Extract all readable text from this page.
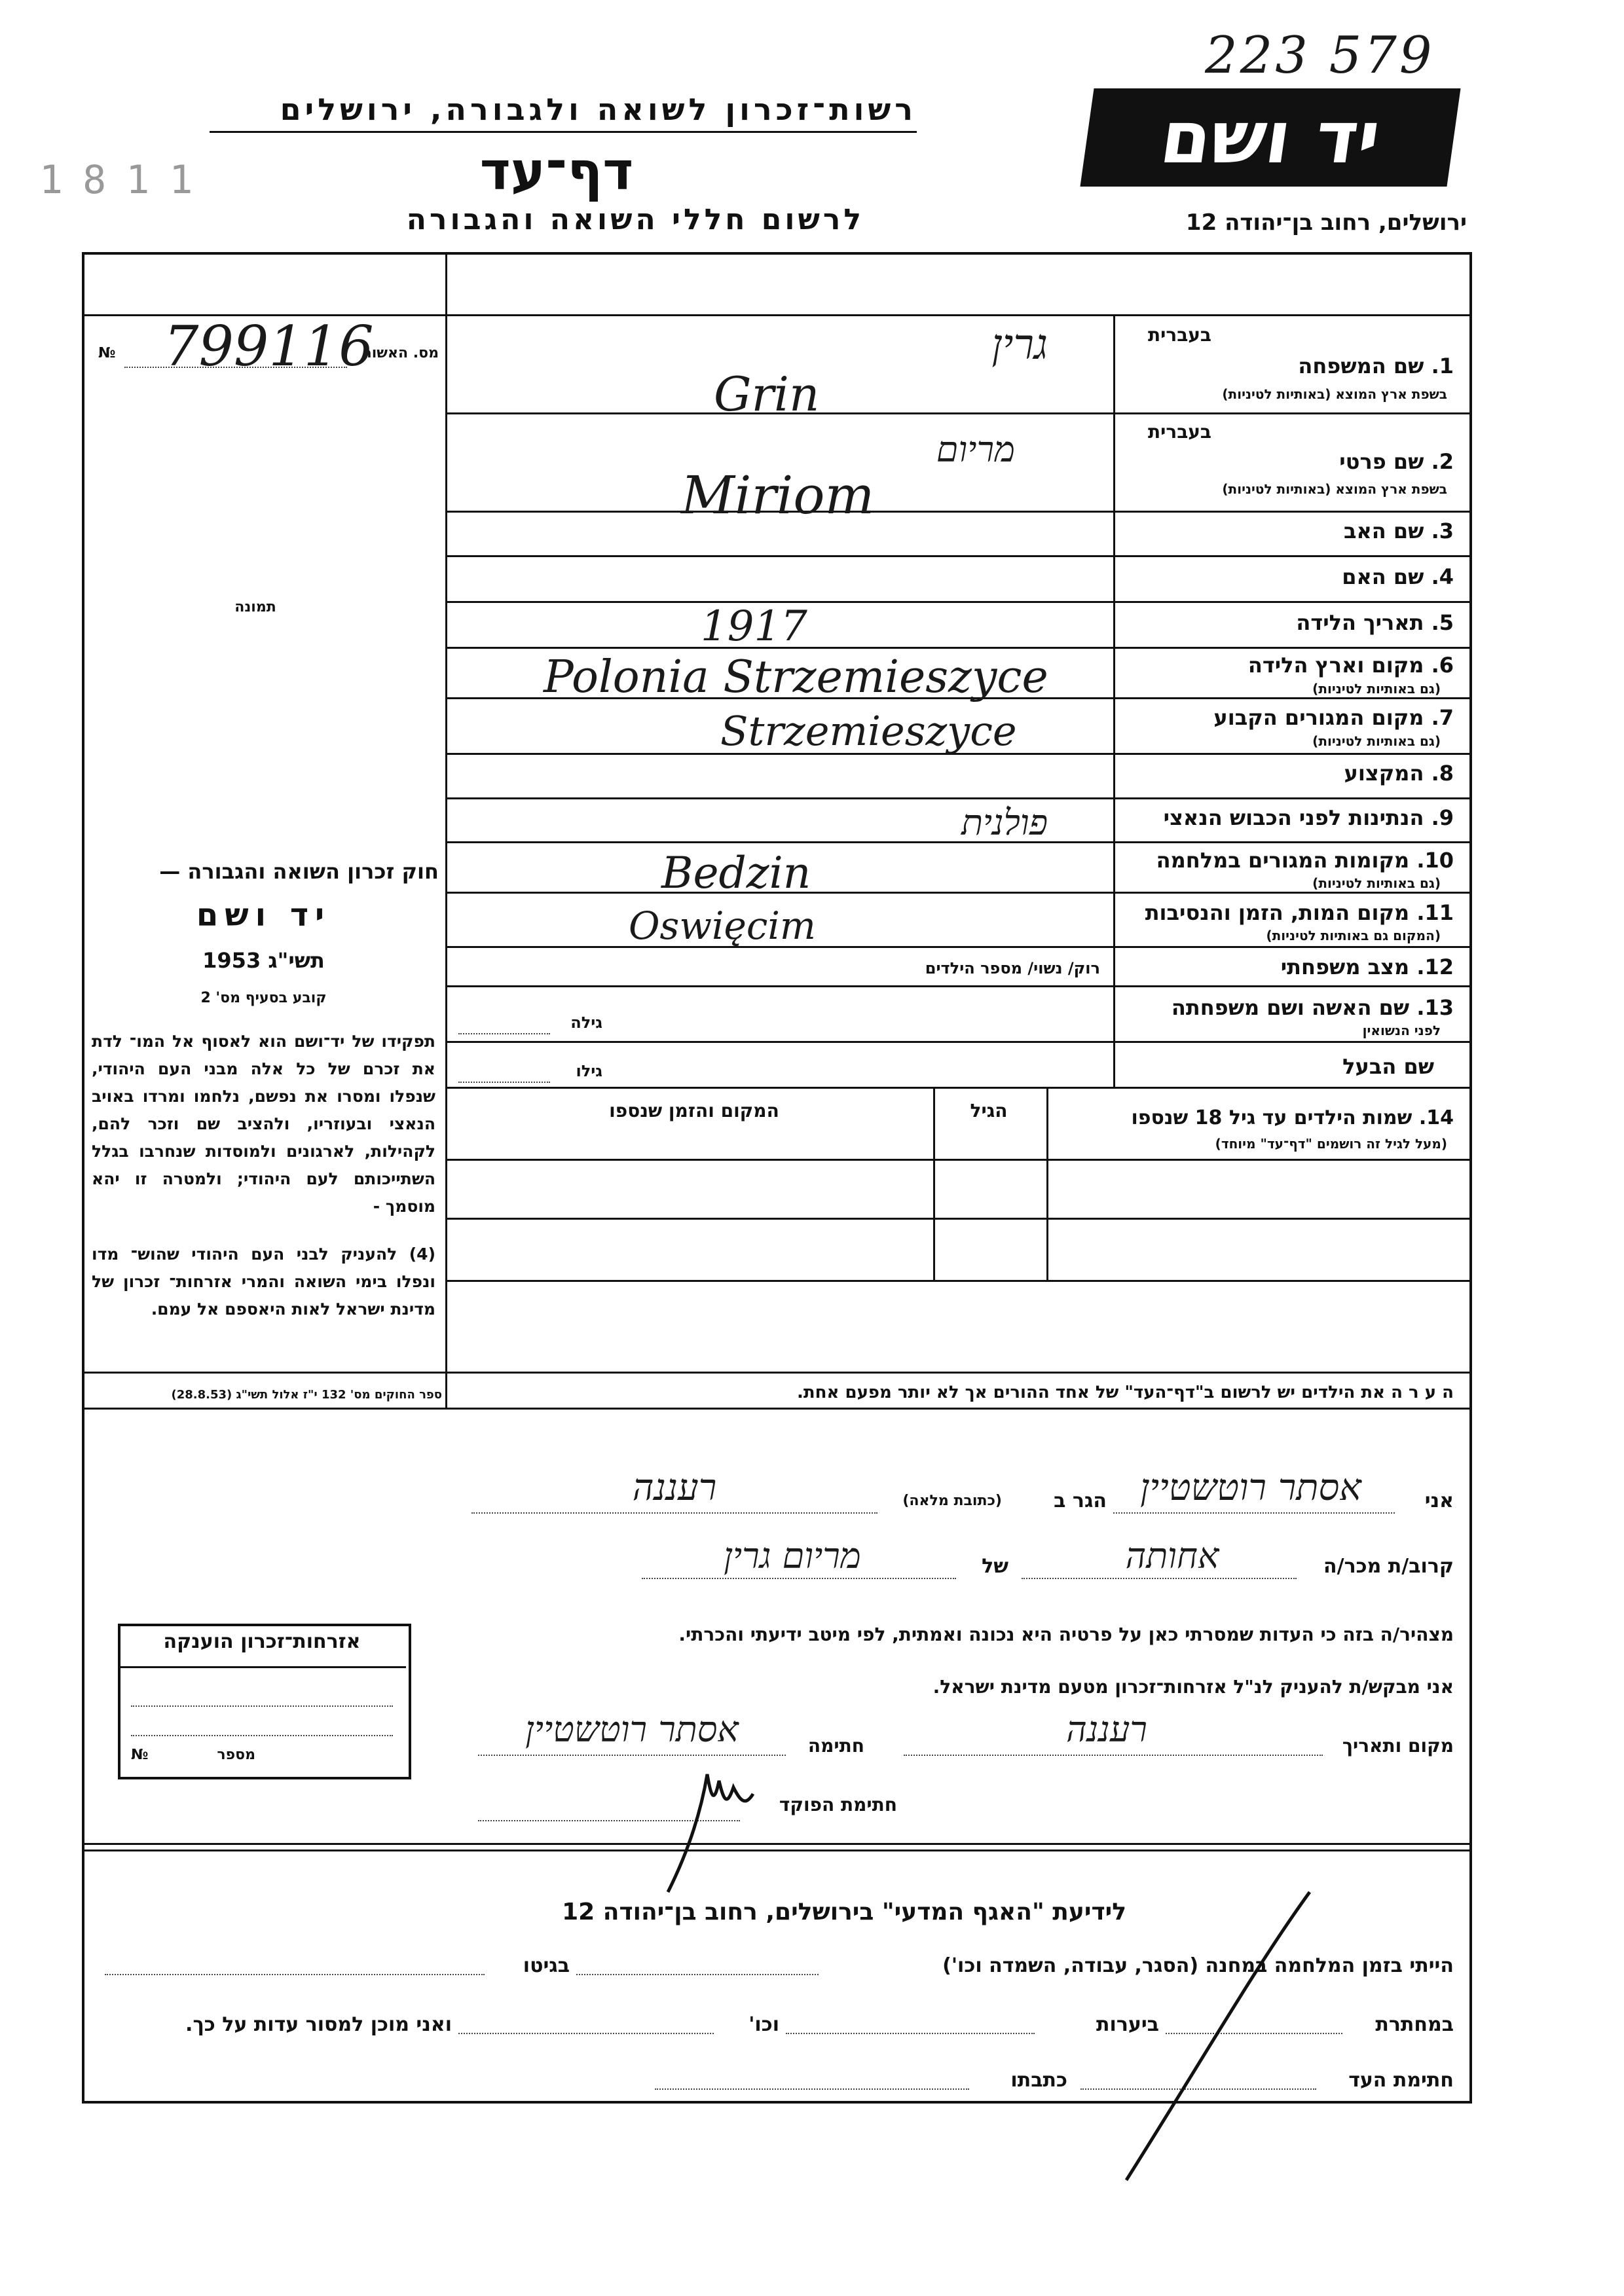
223 579
1811
יד ושם
רשות־זכרון לשואה ולגבורה, ירושלים
דף־עד
לרשום חללי השואה והגבורה	ירושלים, רחוב בן־יהודה 12
מס. האשור
799116
№
תמונה
בעברית
1. שם המשפחה
בשפת ארץ המוצא (באותיות לטיניות)
גרין
Grin
בעברית
2. שם פרטי
בשפת ארץ המוצא (באותיות לטיניות)
מריום
Miriom
3. שם האב
4. שם האם
5. תאריך הלידה
1917
6. מקום וארץ הלידה
(גם באותיות לטיניות)
Polonia Strzemieszyce
7. מקום המגורים הקבוע
(גם באותיות לטיניות)
Strzemieszyce
8. המקצוע
9. הנתינות לפני הכבוש הנאצי
פולנית
10. מקומות המגורים במלחמה
(גם באותיות לטיניות)
Bedzin
11. מקום המות, הזמן והנסיבות
(המקום גם באותיות לטיניות)
Oswięcim
12. מצב משפחתי
רוק/ נשוי/ מספר הילדים
13. שם האשה ושם משפחתה
לפני הנשואין
גילה
שם הבעל
גילו
14. שמות הילדים עד גיל 18 שנספו
(מעל לגיל זה רושמים "דף־עד" מיוחד)
הגיל
המקום והזמן שנספו
ה ע ר ה את הילדים יש לרשום ב"דף־העד" של אחד ההורים אך לא יותר מפעם אחת.
חוק זכרון השואה והגבורה —
יד ושם
תשי"ג 1953
קובע בסעיף מס' 2
תפקידו של יד־ושם הוא לאסוף אל המו־ לדת את זכרם של כל אלה מבני העם היהודי, שנפלו ומסרו את נפשם, נלחמו ומרדו באויב הנאצי ובעוזריו, ולהציב שם וזכר להם, לקהילות, לארגונים ולמוסדות שנחרבו בגלל השתייכותם לעם היהודי; ולמטרה זו יהא מוסמך -
(4) להעניק לבני העם היהודי שהוש־ מדו ונפלו בימי השואה והמרי אזרחות־ זכרון של מדינת ישראל לאות היאספם אל עמם.
ספר החוקים מס' 132 י"ז אלול תשי"ג (28.8.53)
אני
אסתר רוטשטיין
הגר ב
(כתובת מלאה)
רעננה
קרוב/ת מכר/ה
אחותה
של
מריום גרין
מצהיר/ה בזה כי העדות שמסרתי כאן על פרטיה היא נכונה ואמתית, לפי מיטב ידיעתי והכרתי.
אני מבקש/ת להעניק לנ"ל אזרחות־זכרון מטעם מדינת ישראל.
מקום ותאריך
רעננה
חתימה
אסתר רוטשטיין
חתימת הפוקד
אזרחות־זכרון הוענקה
מספר
№
לידיעת "האגף המדעי" בירושלים, רחוב בן־יהודה 12
הייתי בזמן המלחמה במחנה (הסגר, עבודה, השמדה וכו')
בגיטו
במחתרת
ביערות
וכו'
ואני מוכן למסור עדות על כך.
חתימת העד
כתבתו
